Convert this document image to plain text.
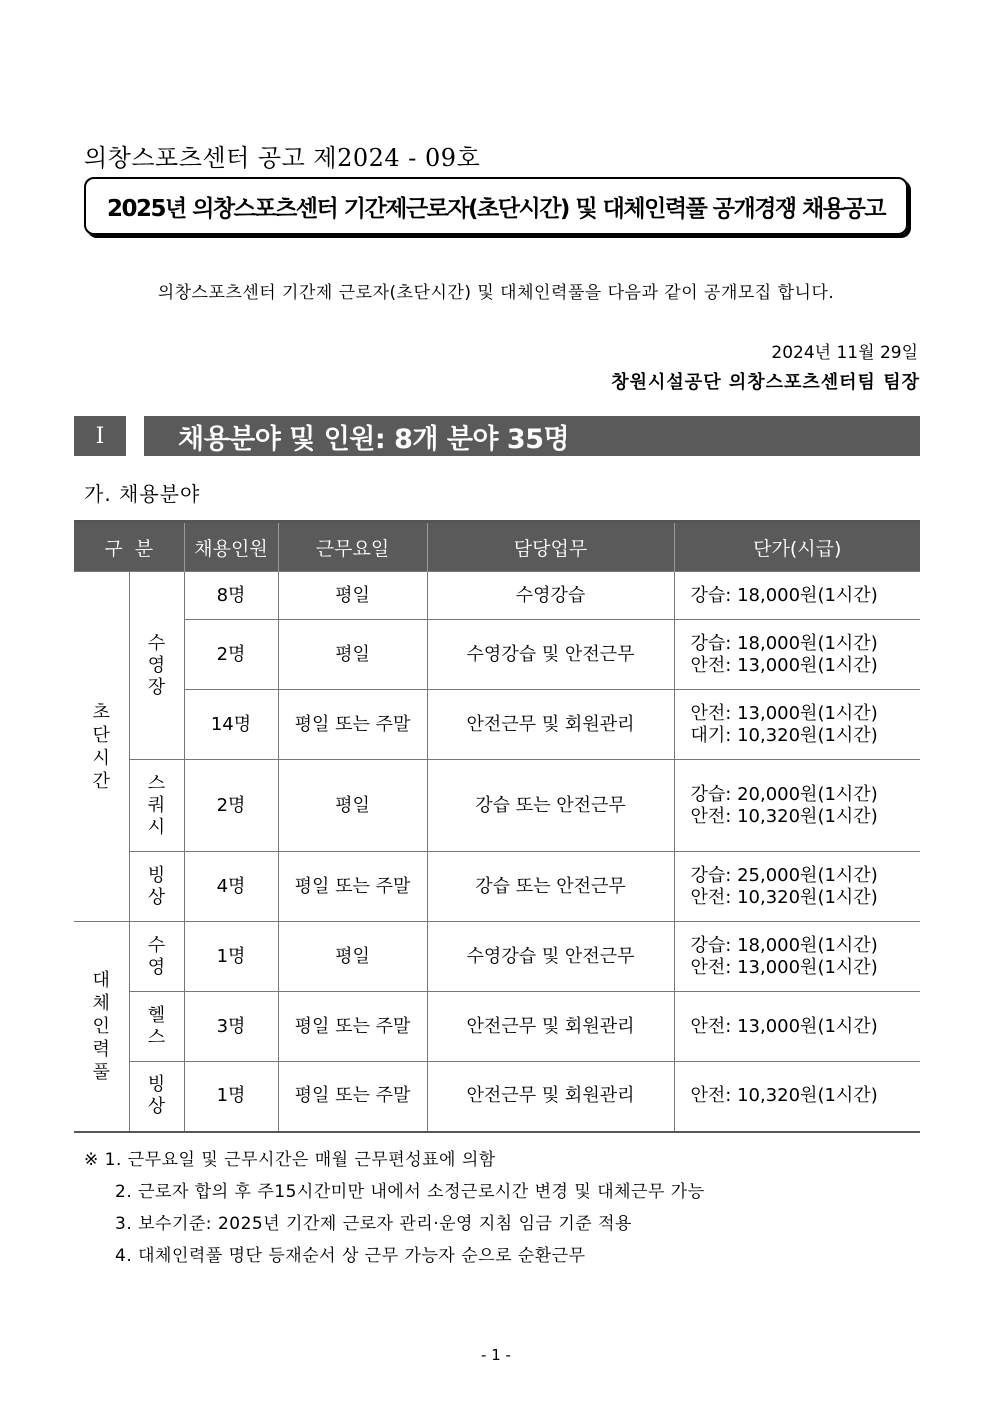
의창스포츠센터 공고 제2024 - 09호
2025년 의창스포츠센터 기간제근로자(초단시간) 및 대체인력풀 공개경쟁 채용공고
의창스포츠센터 기간제 근로자(초단시간) 및 대체인력풀을 다음과 같이 공개모집 합니다.
2024년 11월 29일
창원시설공단 의창스포츠센터팀 팀장
Ⅰ	채용분야 및 인원: 8개 분야 35명
가. 채용분야
구  분		채용인원	근무요일	담당업무	단가(시급)
초단시간	수영장	8명	평일	수영강습	강습: 18,000원(1시간)
		2명	평일	수영강습 및 안전근무	강습: 18,000원(1시간)
안전: 13,000원(1시간)
		14명	평일 또는 주말	안전근무 및 회원관리	안전: 13,000원(1시간)
대기: 10,320원(1시간)
	스쿼시	2명	평일	강습 또는 안전근무	강습: 20,000원(1시간)
안전: 10,320원(1시간)
	빙상	4명	평일 또는 주말	강습 또는 안전근무	강습: 25,000원(1시간)
안전: 10,320원(1시간)
대체인력풀	수영	1명	평일	수영강습 및 안전근무	강습: 18,000원(1시간)
안전: 13,000원(1시간)
	헬스	3명	평일 또는 주말	안전근무 및 회원관리	안전: 13,000원(1시간)
	빙상	1명	평일 또는 주말	안전근무 및 회원관리	안전: 10,320원(1시간)
※ 1. 근무요일 및 근무시간은 매월 근무편성표에 의함
2. 근로자 합의 후 주15시간미만 내에서 소정근로시간 변경 및 대체근무 가능
3. 보수기준: 2025년 기간제 근로자 관리·운영 지침 임금 기준 적용
4. 대체인력풀 명단 등재순서 상 근무 가능자 순으로 순환근무
- 1 -
